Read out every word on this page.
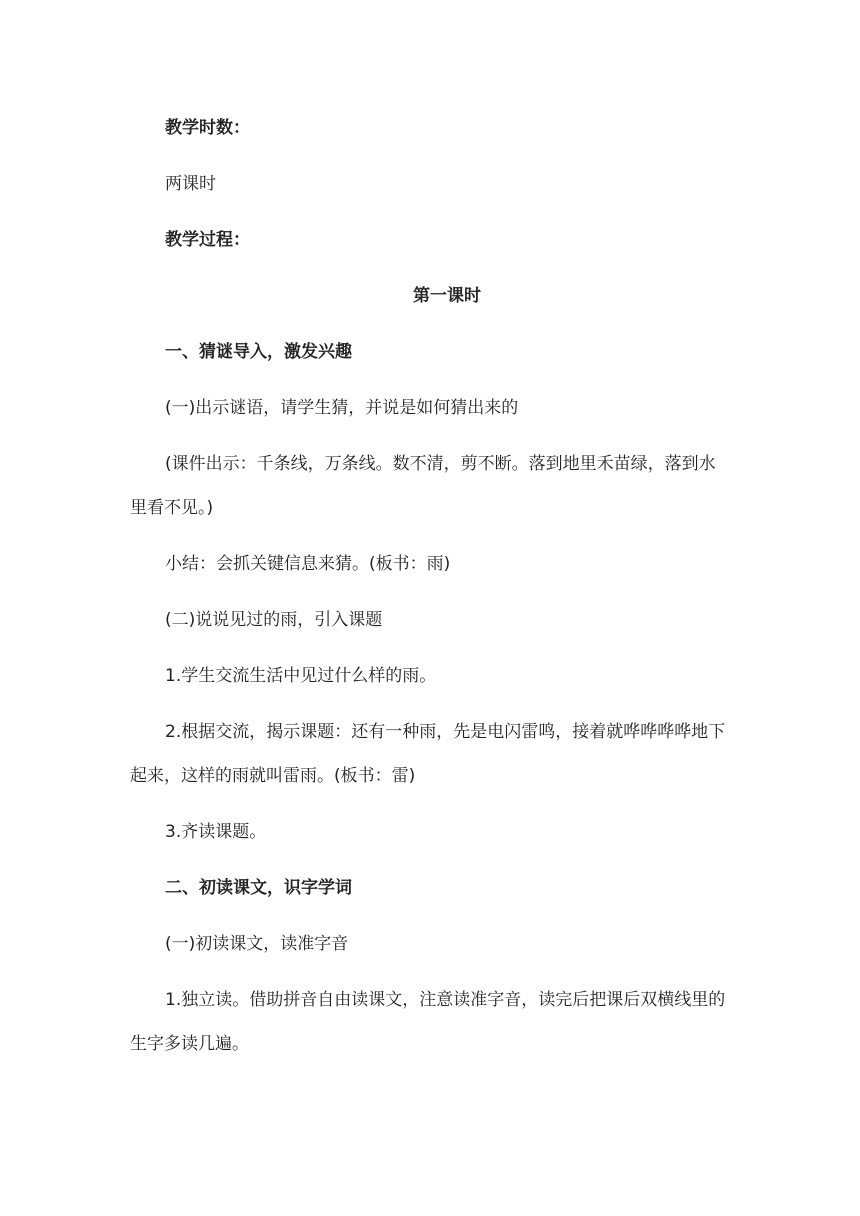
教学时数：
两课时
教学过程：
第一课时
一、猜谜导入，激发兴趣
(一)出示谜语，请学生猜，并说是如何猜出来的
(课件出示：千条线，万条线。数不清，剪不断。落到地里禾苗绿，落到水
里看不见。)
小结：会抓关键信息来猜。(板书：雨)
(二)说说见过的雨，引入课题
1.学生交流生活中见过什么样的雨。
2.根据交流，揭示课题：还有一种雨，先是电闪雷鸣，接着就哗哗哗哗地下
起来，这样的雨就叫雷雨。(板书：雷)
3.齐读课题。
二、初读课文，识字学词
(一)初读课文，读准字音
1.独立读。借助拼音自由读课文，注意读准字音，读完后把课后双横线里的
生字多读几遍。
